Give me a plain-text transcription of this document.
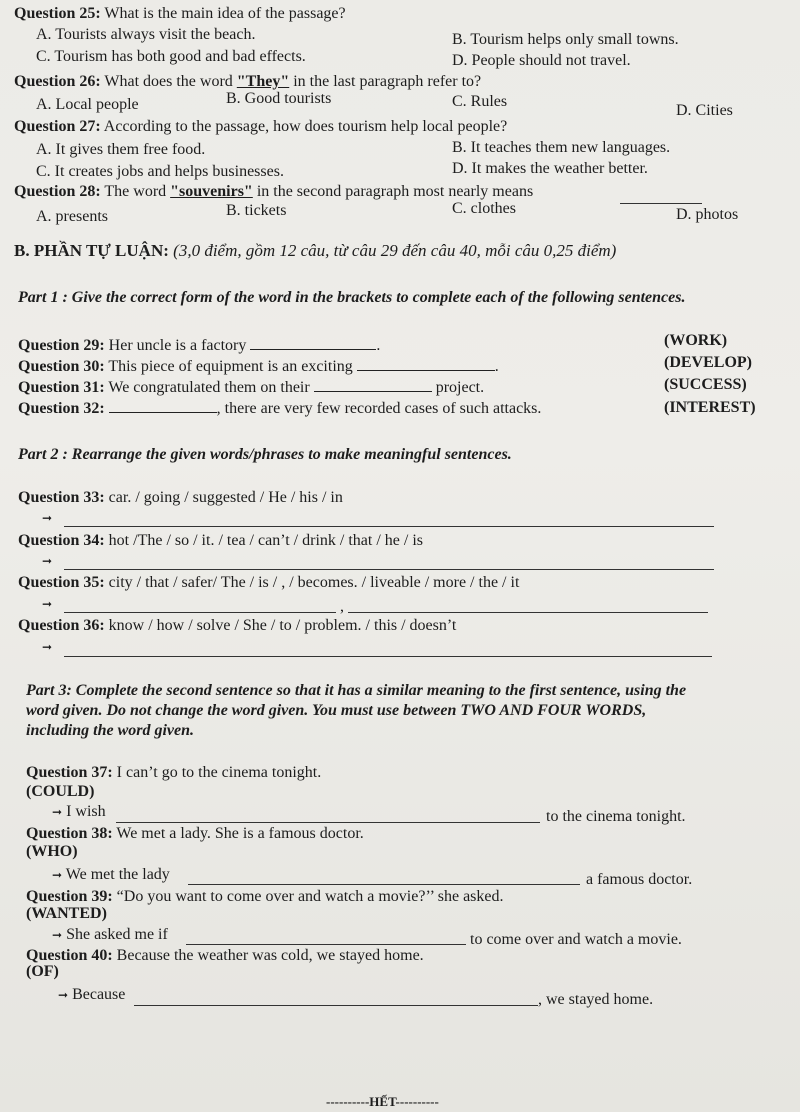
Question 25: What is the main idea of the passage?
A. Tourists always visit the beach.	B. Tourism helps only small towns.
C. Tourism has both good and bad effects.	D. People should not travel.
Question 26: What does the word "They" in the last paragraph refer to?
A. Local people	B. Good tourists	C. Rules
D. Cities
Question 27: According to the passage, how does tourism help local people?
A. It gives them free food.	B. It teaches them new languages.
C. It creates jobs and helps businesses.	D. It makes the weather better.
Question 28: The word "souvenirs" in the second paragraph most nearly means
A. presents	B. tickets	C. clothes	D. photos
B. PHẦN TỰ LUẬN: (3,0 điểm, gồm 12 câu, từ câu 29 đến câu 40, mỗi câu 0,25 điểm)
Part 1 : Give the correct form of the word in the brackets to complete each of the following sentences.
Question 29: Her uncle is a factory	.	(WORK)
Question 30: This piece of equipment is an exciting	.	(DEVELOP)
Question 31: We congratulated them on their	project.	(SUCCESS)
Question 32:	, there are very few recorded cases of such attacks.	(INTEREST)
Part 2 : Rearrange the given words/phrases to make meaningful sentences.
Question 33: car. / going / suggested / He / his / in
➞
Question 34: hot /The / so / it. / tea / can’t / drink / that / he / is
➞
Question 35: city / that / safer/ The / is / , / becomes. / liveable / more / the / it
➞	,
Question 36: know / how / solve / She / to / problem. / this / doesn’t
➞
Part 3: Complete the second sentence so that it has a similar meaning to the first sentence, using the
word given. Do not change the word given. You must use between TWO AND FOUR WORDS,
including the word given.
Question 37: I can’t go to the cinema tonight.
(COULD)
➞ I wish	to the cinema tonight.
Question 38: We met a lady. She is a famous doctor.
(WHO)
➞ We met the lady	a famous doctor.
Question 39: “Do you want to come over and watch a movie?’’ she asked.
(WANTED)
➞ She asked me if	to come over and watch a movie.
Question 40: Because the weather was cold, we stayed home.
(OF)
➞ Because	, we stayed home.
----------HẾT----------
